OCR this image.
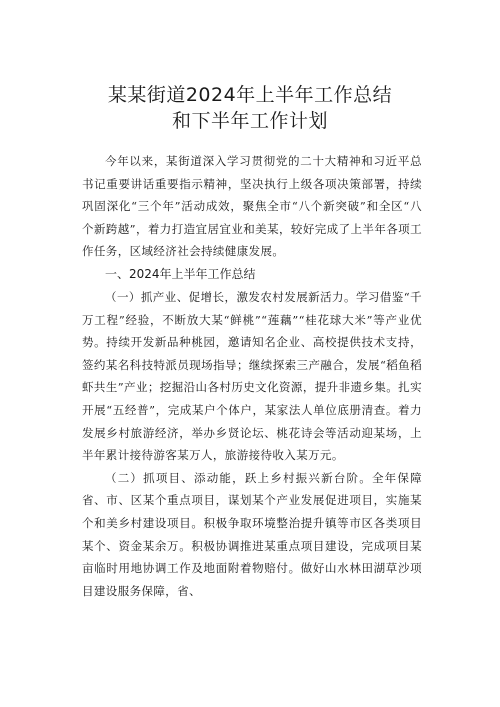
某某街道2024年上半年工作总结
和下半年工作计划

今年以来，某街道深入学习贯彻党的二十大精神和习近平总书记重要讲话重要指示精神，坚决执行上级各项决策部署，持续巩固深化“三个年”活动成效，聚焦全市“八个新突破”和全区“八个新跨越”，着力打造宜居宜业和美某，较好完成了上半年各项工作任务，区域经济社会持续健康发展。

一、2024年上半年工作总结

（一）抓产业、促增长，激发农村发展新活力。学习借鉴“千万工程”经验，不断放大某“鲜桃”“莲藕”“桂花球大米”等产业优势。持续开发新品种桃园，邀请知名企业、高校提供技术支持，签约某名科技特派员现场指导；继续探索三产融合，发展“稻鱼稻虾共生”产业；挖掘沿山各村历史文化资源，提升非遗乡集。扎实开展“五经普”，完成某户个体户，某家法人单位底册清查。着力发展乡村旅游经济，举办乡贤论坛、桃花诗会等活动迎某场，上半年累计接待游客某万人，旅游接待收入某万元。

（二）抓项目、添动能，跃上乡村振兴新台阶。全年保障省、市、区某个重点项目，谋划某个产业发展促进项目，实施某个和美乡村建设项目。积极争取环境整治提升镇等市区各类项目某个、资金某余万。积极协调推进某重点项目建设，完成项目某亩临时用地协调工作及地面附着物赔付。做好山水林田湖草沙项目建设服务保障，省、
